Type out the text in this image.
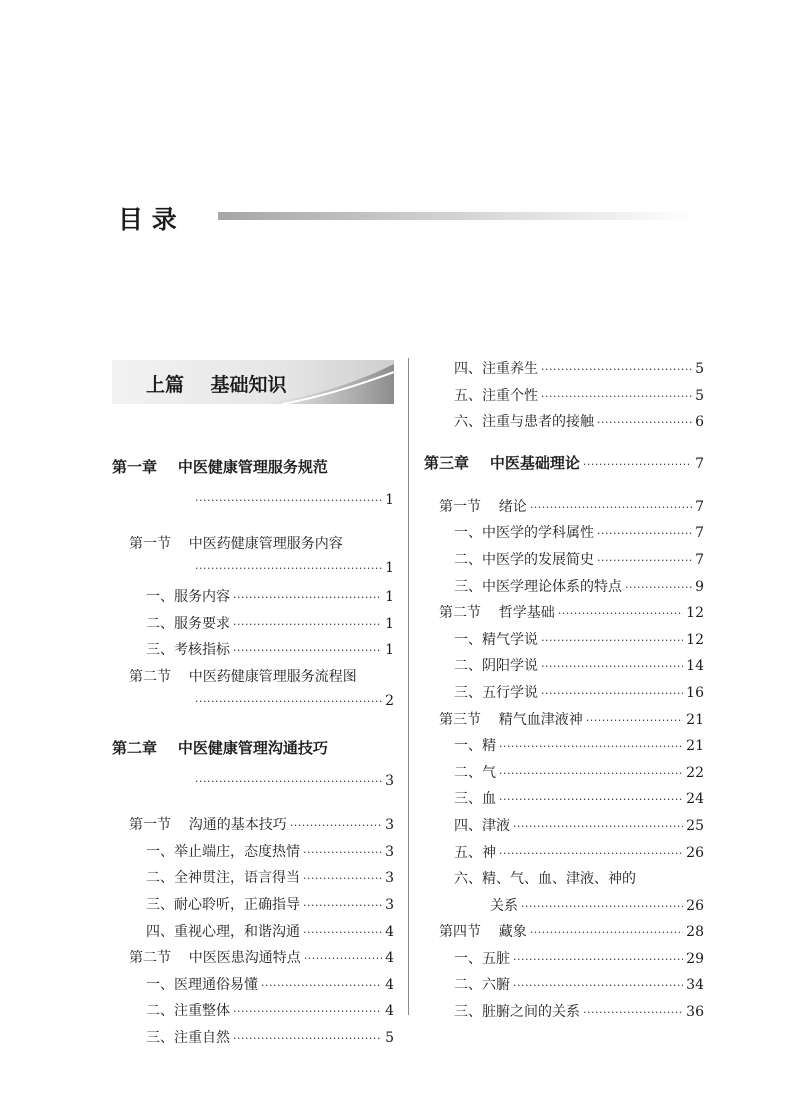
目 录
上篇    基础知识
第一章    中医健康管理服务规范
·····
1
第一节    中医药健康管理服务内容
·····
1
一、服务内容 ·····	1
二、服务要求 ·····	1
三、考核指标 ·····	1
第二节    中医药健康管理服务流程图
·····
2
第二章    中医健康管理沟通技巧
·····
3
第一节    沟通的基本技巧 ·····	3
一、举止端庄，态度热情 ·····	3
二、全神贯注，语言得当 ·····	3
三、耐心聆听，正确指导 ·····	3
四、重视心理，和谐沟通 ·····	4
第二节    中医医患沟通特点 ·····	4
一、医理通俗易懂 ·····	4
二、注重整体 ·····	4
三、注重自然 ·····	5
四、注重养生 ·····	5
五、注重个性 ·····	5
六、注重与患者的接触 ·····	6
第三章    中医基础理论 ·····	7
第一节    绪论 ·····	7
一、中医学的学科属性 ·····	7
二、中医学的发展简史 ·····	7
三、中医学理论体系的特点 ·····	9
第二节    哲学基础 ·····	12
一、精气学说 ·····	12
二、阴阳学说 ·····	14
三、五行学说 ·····	16
第三节    精气血津液神 ·····	21
一、精 ·····	21
二、气 ·····	22
三、血 ·····	24
四、津液 ·····	25
五、神 ·····	26
六、精、气、血、津液、神的
关系 ·····	26
第四节    藏象 ·····	28
一、五脏 ·····	29
二、六腑 ·····	34
三、脏腑之间的关系 ·····	36
